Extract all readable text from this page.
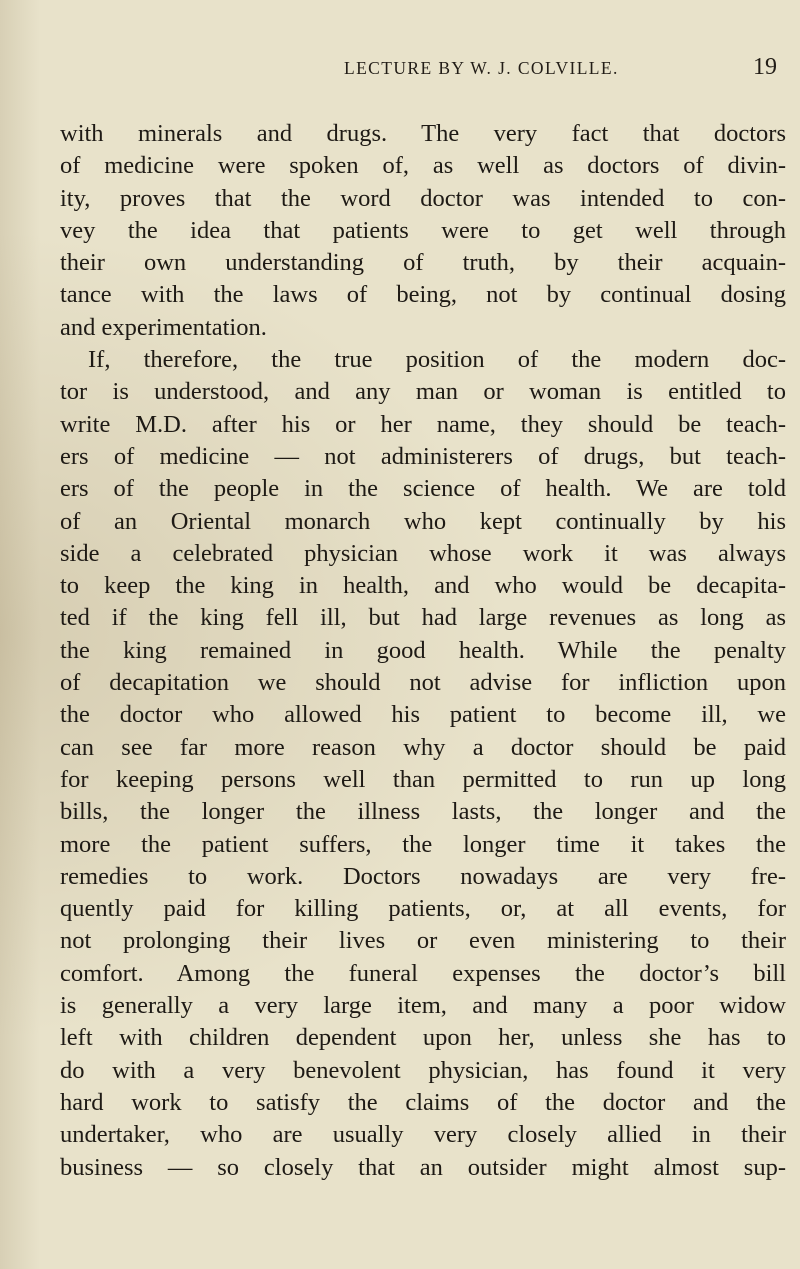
LECTURE BY W. J. COLVILLE.	19
with minerals and drugs. The very fact that doctors
of medicine were spoken of, as well as doctors of divin-
ity, proves that the word doctor was intended to con-
vey the idea that patients were to get well through
their own understanding of truth, by their acquain-
tance with the laws of being, not by continual dosing
and experimentation.
If, therefore, the true position of the modern doc-
tor is understood, and any man or woman is entitled to
write M.D. after his or her name, they should be teach-
ers of medicine — not administerers of drugs, but teach-
ers of the people in the science of health. We are told
of an Oriental monarch who kept continually by his
side a celebrated physician whose work it was always
to keep the king in health, and who would be decapita-
ted if the king fell ill, but had large revenues as long as
the king remained in good health. While the penalty
of decapitation we should not advise for infliction upon
the doctor who allowed his patient to become ill, we
can see far more reason why a doctor should be paid
for keeping persons well than permitted to run up long
bills, the longer the illness lasts, the longer and the
more the patient suffers, the longer time it takes the
remedies to work. Doctors nowadays are very fre-
quently paid for killing patients, or, at all events, for
not prolonging their lives or even ministering to their
comfort. Among the funeral expenses the doctor’s bill
is generally a very large item, and many a poor widow
left with children dependent upon her, unless she has to
do with a very benevolent physician, has found it very
hard work to satisfy the claims of the doctor and the
undertaker, who are usually very closely allied in their
business — so closely that an outsider might almost sup-
